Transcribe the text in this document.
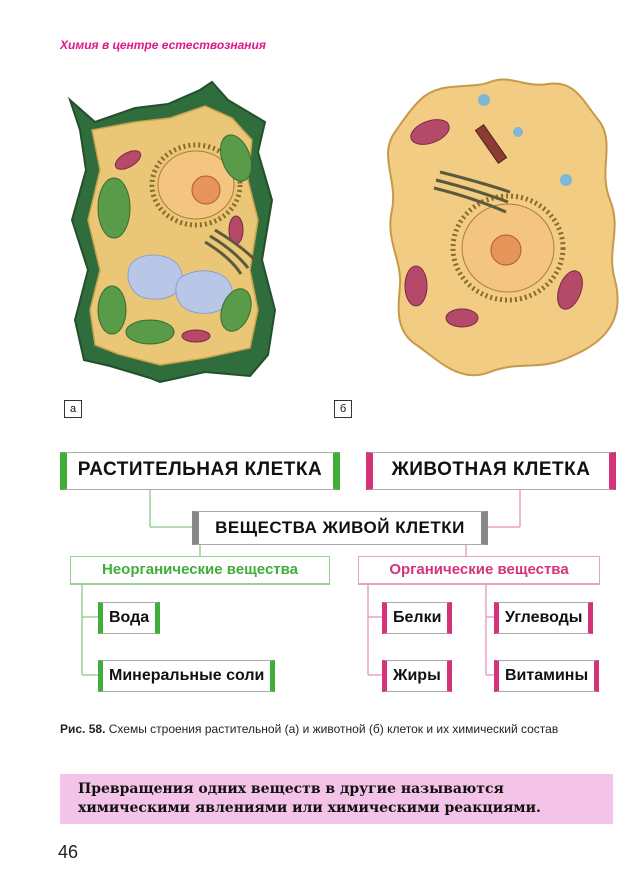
Химия в центре естествознания
а	б
РАСТИТЕЛЬНАЯ КЛЕТКА	ЖИВОТНАЯ КЛЕТКА
ВЕЩЕСТВА ЖИВОЙ КЛЕТКИ
Неорганические вещества	Органические вещества
Вода
Минеральные соли
Белки	Углеводы
Жиры	Витамины
Рис. 58. Схемы строения растительной (а) и животной (б) клеток и их химический состав
Превращения одних веществ в другие называются химическими явлениями или химическими реакциями.
46
